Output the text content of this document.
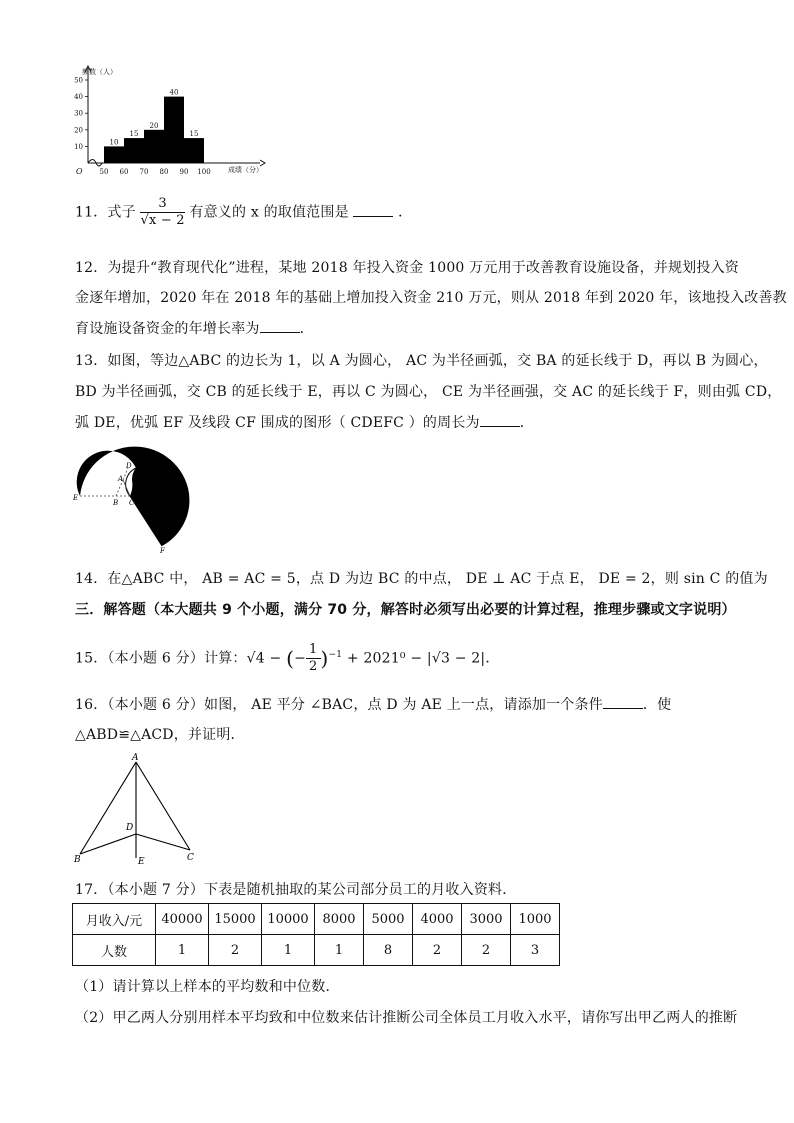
10
20
30
40
50
50 60 70 80 90 100
10
15
20
40
15
频数（人）
成绩（分）
O
11．式子 $\frac{3}{√x - 2}$ 有意义的 x 的取值范围是	．
12．为提升“教育现代化”进程，某地 2018 年投入资金 1000 万元用于改善教育设施设备，并规划投入资
金逐年增加，2020 年在 2018 年的基础上增加投入资金 210 万元，则从 2018 年到 2020 年，该地投入改善教
育设施设备资金的年增长率为	．
13．如图，等边△ABC 的边长为 1，以 A 为圆心， AC 为半径画弧，交 BA 的延长线于 D，再以 B 为圆心，
BD 为半径画弧，交 CB 的延长线于 E，再以 C 为圆心， CE 为半径画强，交 AC 的延长线于 F，则由弧 CD，
弧 DE，优弧 EF 及线段 CF 围成的图形（ CDEFC ）的周长为	．
D
A
E
B C
F
14．在△ABC 中， AB = AC = 5，点 D 为边 BC 的中点， DE ⊥ AC 于点 E， DE = 2，则 sin C 的值为
三．解答题（本大题共 9 个小题，满分 70 分，解答时必须写出必要的计算过程，推理步骤或文字说明）
15．（本小题 6 分）计算：√4 − (− $\frac{1}{2} )^{-1} + 2021^0 - |√3 - 2|$．
16．（本小题 6 分）如图， AE 平分 ∠BAC，点 D 为 AE 上一点，请添加一个条件	．使
△ABD≌△ACD，并证明．
A
D
B	E	C
17．（本小题 7 分）下表是随机抽取的某公司部分员工的月收入资料．
月收入/元	40000	15000	10000	8000	5000	4000	3000	1000
人数	1	2	1	1	8	2	2	3
（1）请计算以上样本的平均数和中位数．
（2）甲乙两人分别用样本平均致和中位数来估计推断公司全体员工月收入水平，请你写出甲乙两人的推断
